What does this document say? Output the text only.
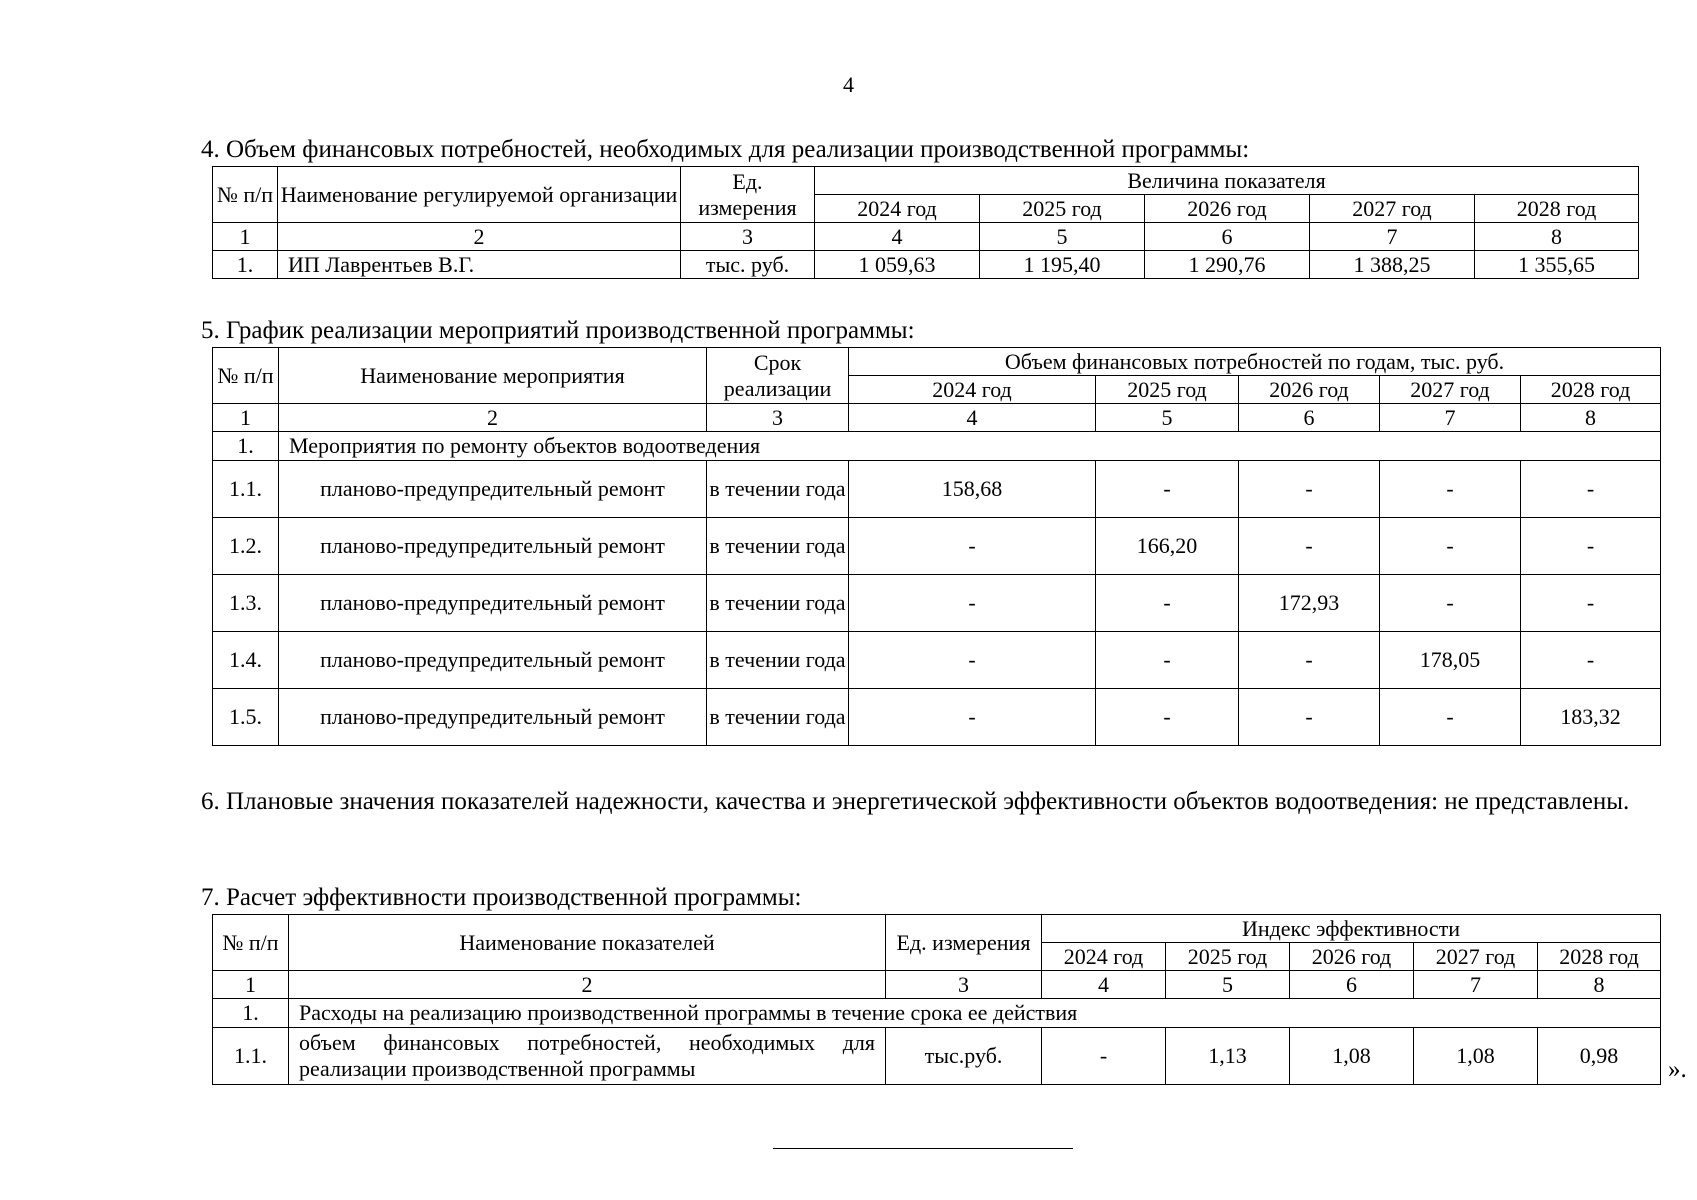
4
4. Объем финансовых потребностей, необходимых для реализации производственной программы:
№ п/п	Наименование регулируемой организации	Ед. измерения	Величина показателя				
			2024 год	2025 год	2026 год	2027 год	2028 год
1	2	3	4	5	6	7	8
1.	ИП Лаврентьев В.Г.	тыс. руб.	1 059,63	1 195,40	1 290,76	1 388,25	1 355,65
5. График реализации мероприятий производственной программы:
№ п/п	Наименование мероприятия	Срок реализации	Объем финансовых потребностей по годам, тыс. руб.				
			2024 год	2025 год	2026 год	2027 год	2028 год
1	2	3	4	5	6	7	8
1.	Мероприятия по ремонту объектов водоотведения						
1.1.	планово-предупредительный ремонт	в течении года	158,68	-	-	-	-
1.2.	планово-предупредительный ремонт	в течении года	-	166,20	-	-	-
1.3.	планово-предупредительный ремонт	в течении года	-	-	172,93	-	-
1.4.	планово-предупредительный ремонт	в течении года	-	-	-	178,05	-
1.5.	планово-предупредительный ремонт	в течении года	-	-	-	-	183,32
6. Плановые значения показателей надежности, качества и энергетической эффективности объектов водоотведения: не представлены.
7. Расчет эффективности производственной программы:
№ п/п	Наименование показателей	Ед. измерения	Индекс эффективности				
			2024 год	2025 год	2026 год	2027 год	2028 год
1	2	3	4	5	6	7	8
1.	Расходы на реализацию производственной программы в течение срока ее действия						
1.1.	объем финансовых потребностей, необходимых для реализации производственной программы	тыс.руб.	-	1,13	1,08	1,08	0,98
».
